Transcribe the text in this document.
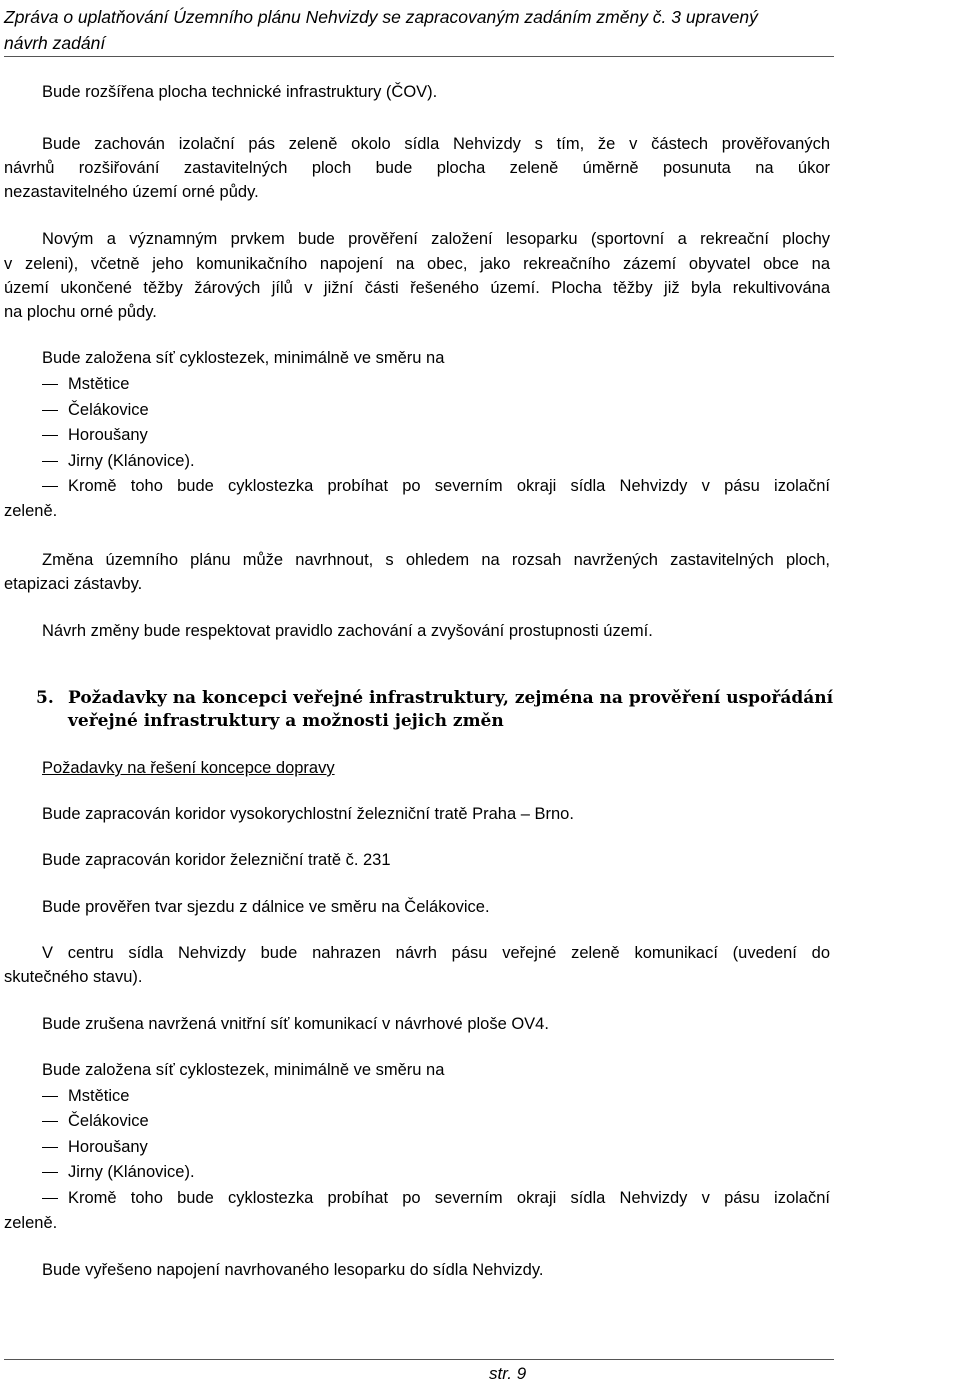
Zpráva o uplatňování Územního plánu Nehvizdy se zapracovaným zadáním změny č. 3 upravený
návrh zadání
Bude rozšířena plocha technické infrastruktury (ČOV).
Bude zachován izolační pás zeleně okolo sídla Nehvizdy s tím, že v částech prověřovaných
návrhů rozšiřování zastavitelných ploch bude plocha zeleně úměrně posunuta na úkor
nezastavitelného území orné půdy.
Novým a významným prvkem bude prověření založení lesoparku (sportovní a rekreační plochy
v zeleni), včetně jeho komunikačního napojení na obec, jako rekreačního zázemí obyvatel obce na
území ukončené těžby žárových jílů v jižní části řešeného území. Plocha těžby již byla rekultivována
na plochu orné půdy.
Bude založena síť cyklostezek, minimálně ve směru na
Mstětice
Čelákovice
Horoušany
Jirny (Klánovice).
Kromě toho bude cyklostezka probíhat po severním okraji sídla Nehvizdy v pásu izolační
zeleně.
Změna územního plánu může navrhnout, s ohledem na rozsah navržených zastavitelných ploch,
etapizaci zástavby.
Návrh změny bude respektovat pravidlo zachování a zvyšování prostupnosti území.
5. Požadavky na koncepci veřejné infrastruktury, zejména na prověření uspořádání
veřejné infrastruktury a možnosti jejich změn
Požadavky na řešení koncepce dopravy
Bude zapracován koridor vysokorychlostní železniční tratě Praha – Brno.
Bude zapracován koridor železniční tratě č. 231
Bude prověřen tvar sjezdu z dálnice ve směru na Čelákovice.
V centru sídla Nehvizdy bude nahrazen návrh pásu veřejné zeleně komunikací (uvedení do
skutečného stavu).
Bude zrušena navržená vnitřní síť komunikací v návrhové ploše OV4.
Bude založena síť cyklostezek, minimálně ve směru na
Mstětice
Čelákovice
Horoušany
Jirny (Klánovice).
Kromě toho bude cyklostezka probíhat po severním okraji sídla Nehvizdy v pásu izolační
zeleně.
Bude vyřešeno napojení navrhovaného lesoparku do sídla Nehvizdy.
str. 9
